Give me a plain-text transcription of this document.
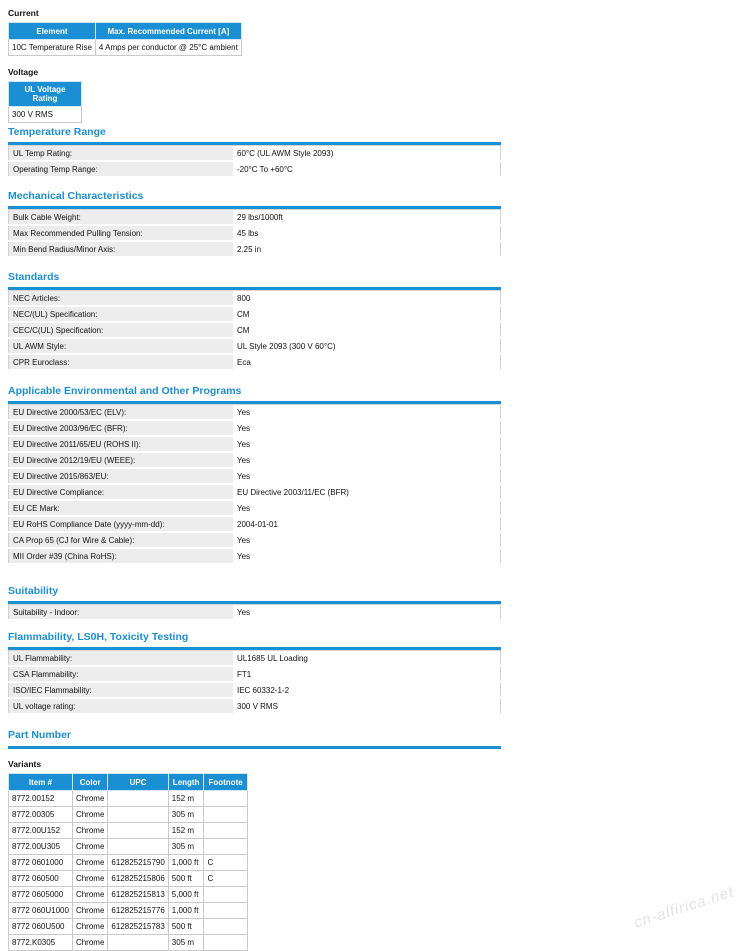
Current

Element	Max. Recommended Current [A]
10C Temperature Rise	4 Amps per conductor @ 25°C ambient

Voltage

UL Voltage Rating
300 V RMS

Temperature Range

UL Temp Rating:	60°C (UL AWM Style 2093)
Operating Temp Range:	-20°C To +60°C

Mechanical Characteristics

Bulk Cable Weight:	29 lbs/1000ft
Max Recommended Pulling Tension:	45 lbs
Min Bend Radius/Minor Axis:	2.25 in

Standards

NEC Articles:	800
NEC/(UL) Specification:	CM
CEC/C(UL) Specification:	CM
UL AWM Style:	UL Style 2093 (300 V 60°C)
CPR Euroclass:	Eca

Applicable Environmental and Other Programs

EU Directive 2000/53/EC (ELV):	Yes
EU Directive 2003/96/EC (BFR):	Yes
EU Directive 2011/65/EU (ROHS II):	Yes
EU Directive 2012/19/EU (WEEE):	Yes
EU Directive 2015/863/EU:	Yes
EU Directive Compliance:	EU Directive 2003/11/EC (BFR)
EU CE Mark:	Yes
EU RoHS Compliance Date (yyyy-mm-dd):	2004-01-01
CA Prop 65 (CJ for Wire & Cable):	Yes
MII Order #39 (China RoHS):	Yes

Suitability

Suitability - Indoor:	Yes

Flammability, LS0H, Toxicity Testing

UL Flammability:	UL1685 UL Loading
CSA Flammability:	FT1
ISO/IEC Flammability:	IEC 60332-1-2
UL voltage rating:	300 V RMS

Part Number

Variants

Item #	Color	UPC	Length	Footnote
8772.00152	Chrome		152 m	
8772.00305	Chrome		305 m	
8772.00U152	Chrome		152 m	
8772.00U305	Chrome		305 m	
8772 0601000	Chrome	612825215790	1,000 ft	C
8772 060500	Chrome	612825215806	500 ft	C
8772 0605000	Chrome	612825215813	5,000 ft	
8772 060U1000	Chrome	612825215776	1,000 ft	
8772 060U500	Chrome	612825215783	500 ft	
8772.K0305	Chrome		305 m	
cn-alfirica.net
